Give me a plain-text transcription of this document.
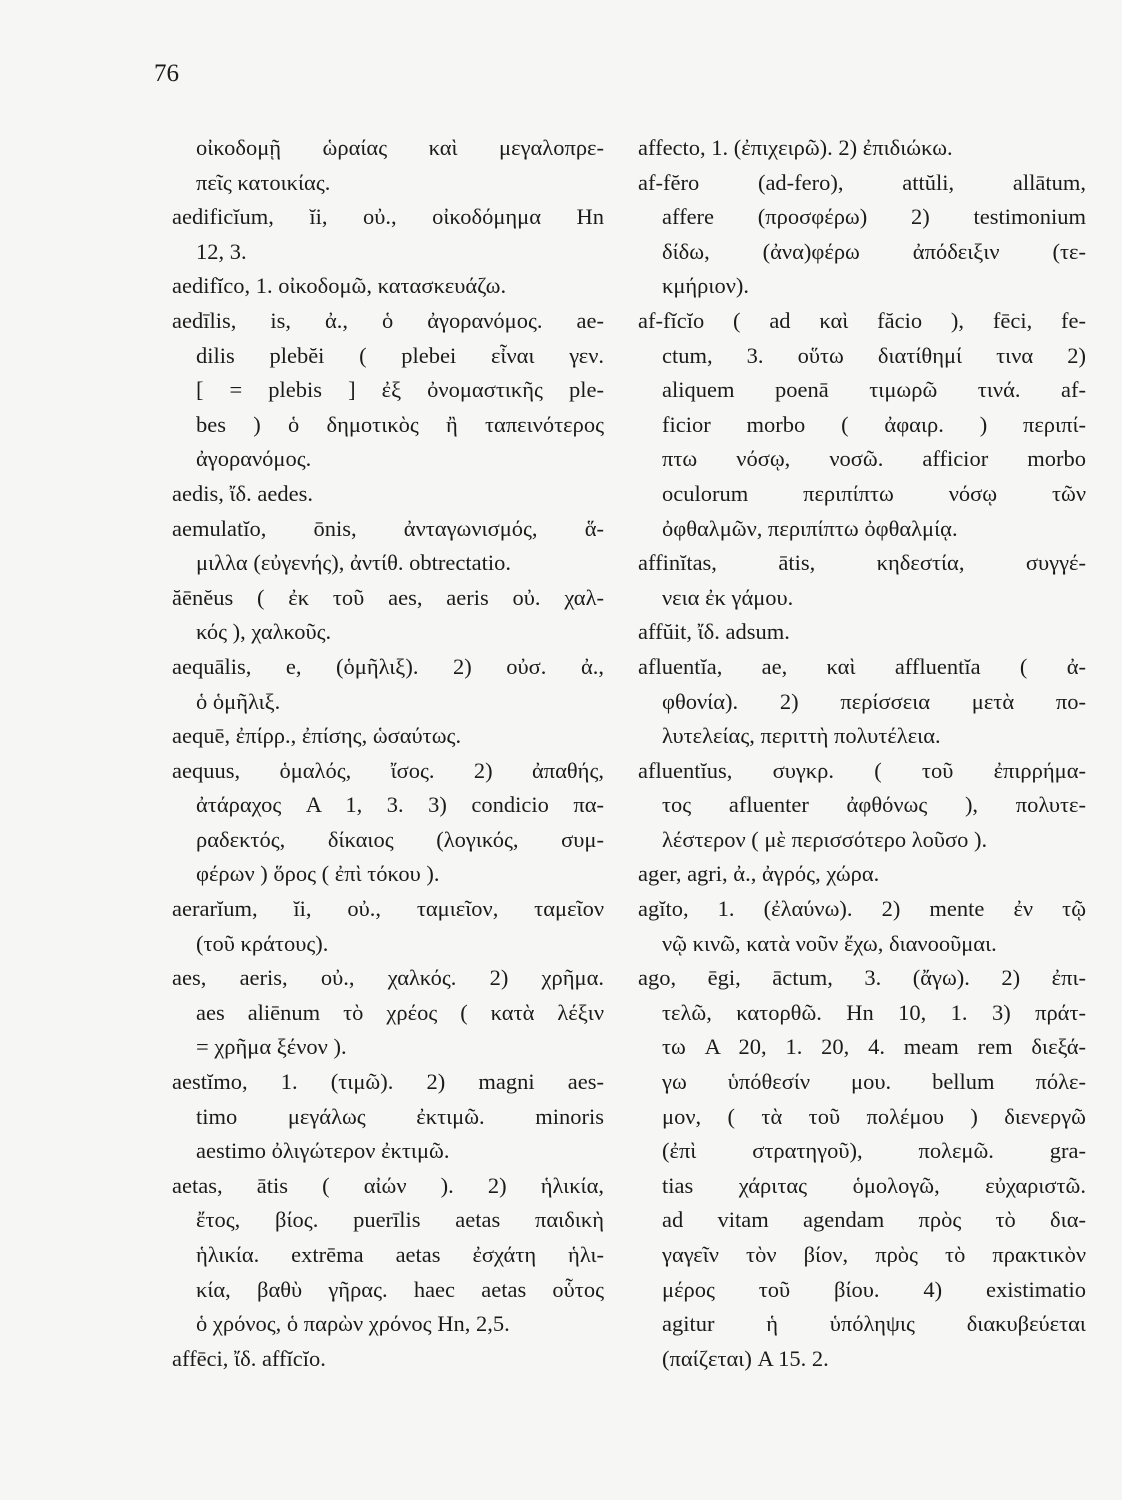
76
οἰκοδομῇ ὡραίας καὶ μεγαλοπρε-
πεῖς κατοικίας.
aedificĭum, ĭi, οὐ., οἰκοδόμημα Hn
12, 3.
aedifĭco, 1. οἰκοδομῶ, κατασκευάζω.
aedīlis, is, ἀ., ὁ ἀγορανόμος. ae-
dilis plebĕi ( plebei εἶναι γεν.
[ = plebis ] ἐξ ὀνομαστικῆς ple-
bes ) ὁ δημοτικὸς ἢ ταπεινότερος
ἀγορανόμος.
aedis, ἴδ. aedes.
aemulatĭo, ōnis, ἀνταγωνισμός, ἅ-
μιλλα (εὐγενής), ἀντίθ. obtrectatio.
ăēnĕus ( ἐκ τοῦ aes, aeris οὐ. χαλ-
κός ), χαλκοῦς.
aequālis, e, (ὁμῆλιξ). 2) οὐσ. ἀ.,
ὁ ὁμῆλιξ.
aequē, ἐπίρρ., ἐπίσης, ὡσαύτως.
aequus, ὁμαλός, ἴσος. 2) ἀπαθής,
ἀτάραχος A 1, 3. 3) condicio πα-
ραδεκτός, δίκαιος (λογικός, συμ-
φέρων ) ὅρος ( ἐπὶ τόκου ).
aerarĭum, ĭi, οὐ., ταμιεῖον, ταμεῖον
(τοῦ κράτους).
aes, aeris, οὐ., χαλκός. 2) χρῆμα.
aes aliēnum τὸ χρέος ( κατὰ λέξιν
= χρῆμα ξένον ).
aestĭmo, 1. (τιμῶ). 2) magni aes-
timo μεγάλως ἐκτιμῶ. minoris
aestimo ὀλιγώτερον ἐκτιμῶ.
aetas, ātis ( αἰών ). 2) ἡλικία,
ἔτος, βίος. puerīlis aetas παιδικὴ
ἡλικία. extrēma aetas ἐσχάτη ἡλι-
κία, βαθὺ γῆρας. haec aetas οὗτος
ὁ χρόνος, ὁ παρὼν χρόνος Hn, 2,5.
affēci, ἴδ. affĭcĭo.
affecto, 1. (ἐπιχειρῶ). 2) ἐπιδιώκω.
af-fĕro (ad-fero), attŭli, allātum,
affere (προσφέρω) 2) testimonium
δίδω, (ἀνα)φέρω ἀπόδειξιν (τε-
κμήριον).
af-fĭcĭo ( ad καὶ făcio ), fēci, fe-
ctum, 3. οὕτω διατίθημί τινα 2)
aliquem poenā τιμωρῶ τινά. af-
ficior morbo ( ἀφαιρ. ) περιπί-
πτω νόσῳ, νοσῶ. afficior morbo
oculorum περιπίπτω νόσῳ τῶν
ὀφθαλμῶν, περιπίπτω ὀφθαλμίᾳ.
affinĭtas, ātis, κηδεστία, συγγέ-
νεια ἐκ γάμου.
affŭit, ἴδ. adsum.
afluentĭa, ae, καὶ affluentĭa ( ἀ-
φθονία). 2) περίσσεια μετὰ πο-
λυτελείας, περιττὴ πολυτέλεια.
afluentĭus, συγκρ. ( τοῦ ἐπιρρήμα-
τος afluenter ἀφθόνως ), πολυτε-
λέστερον ( μὲ περισσότερο λοῦσο ).
ager, agri, ἀ., ἀγρός, χώρα.
agĭto, 1. (ἐλαύνω). 2) mente ἐν τῷ
νῷ κινῶ, κατὰ νοῦν ἔχω, διανοοῦμαι.
ago, ēgi, āctum, 3. (ἄγω). 2) ἐπι-
τελῶ, κατορθῶ. Hn 10, 1. 3) πράτ-
τω A 20, 1. 20, 4. meam rem διεξά-
γω ὑπόθεσίν μου. bellum πόλε-
μον, ( τὰ τοῦ πολέμου ) διενεργῶ
(ἐπὶ στρατηγοῦ), πολεμῶ. gra-
tias χάριτας ὁμολογῶ, εὐχαριστῶ.
ad vitam agendam πρὸς τὸ δια-
γαγεῖν τὸν βίον, πρὸς τὸ πρακτικὸν
μέρος τοῦ βίου. 4) existimatio
agitur ἡ ὑπόληψις διακυβεύεται
(παίζεται) A 15. 2.
